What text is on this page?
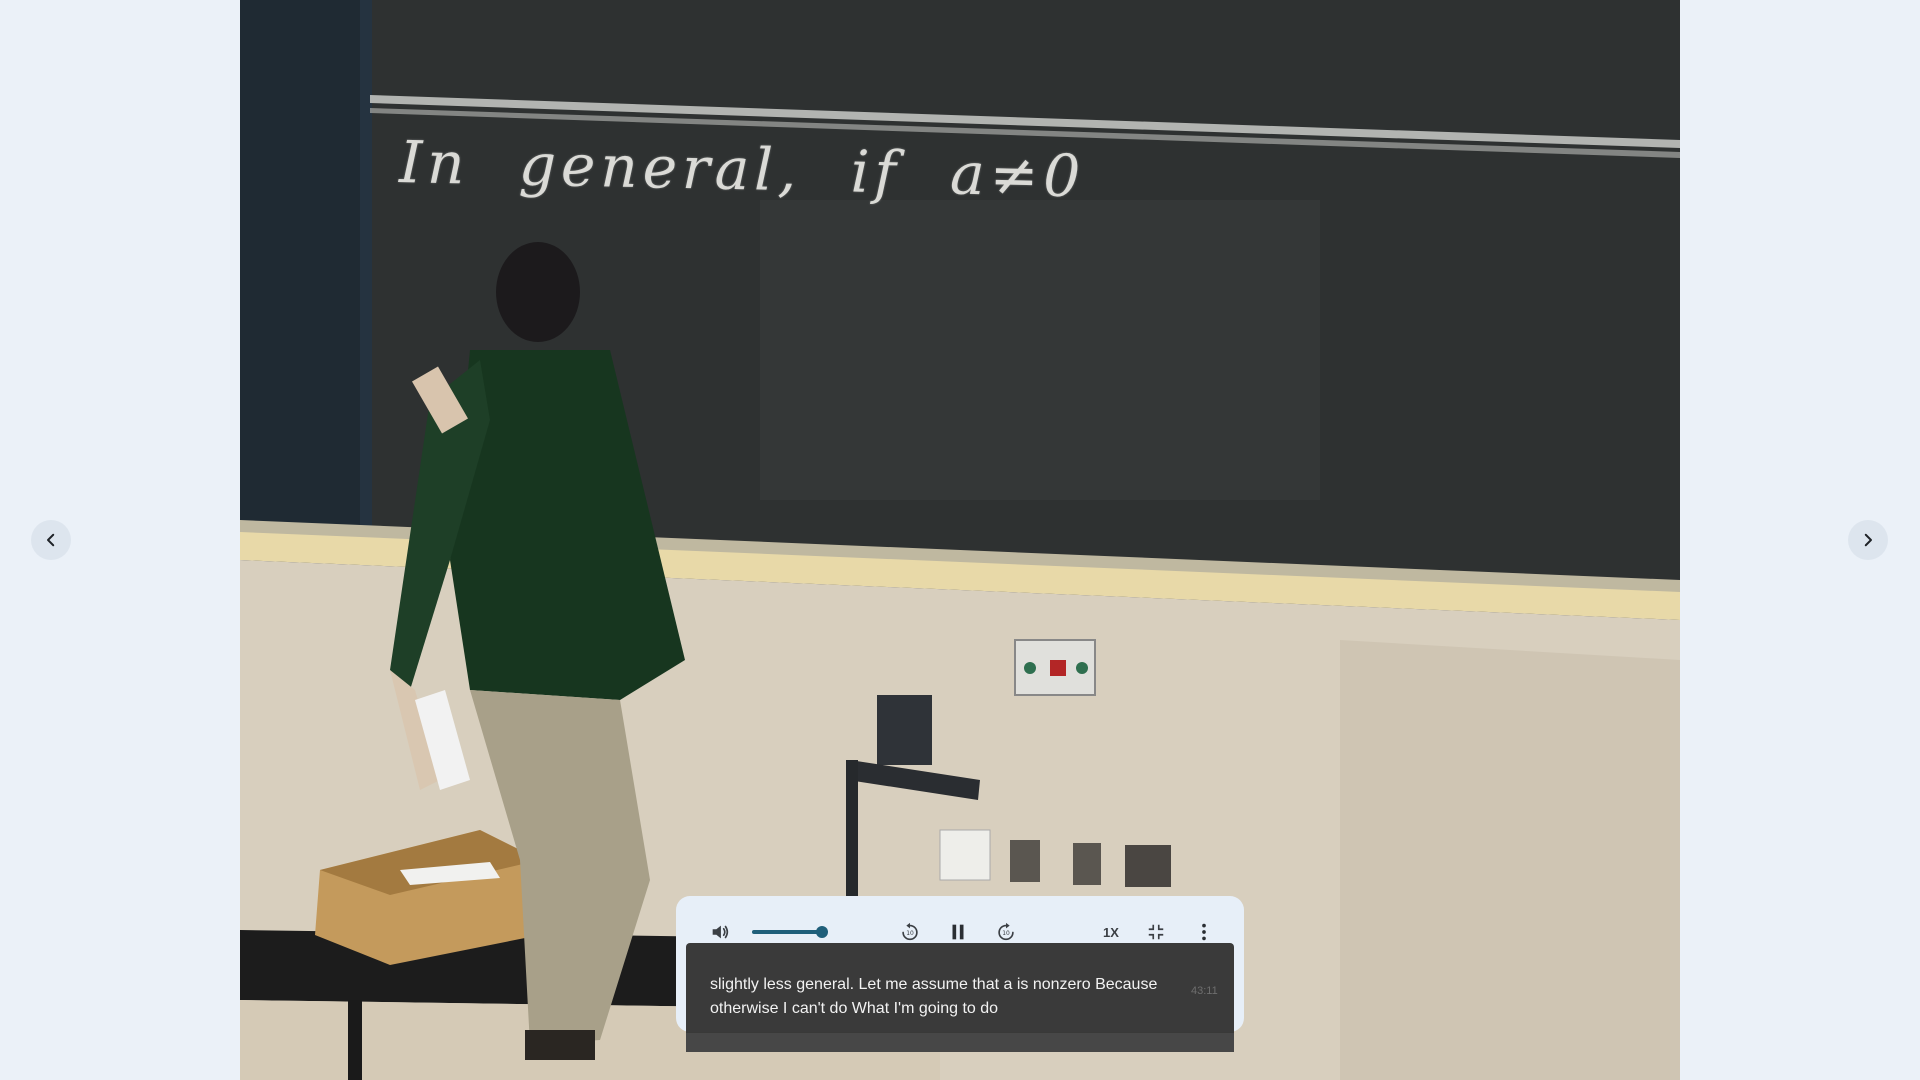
In general, if a≠0
10	10	1X
slightly less general. Let me assume that a is nonzero Because otherwise I can't do What I'm going to do
43:11
